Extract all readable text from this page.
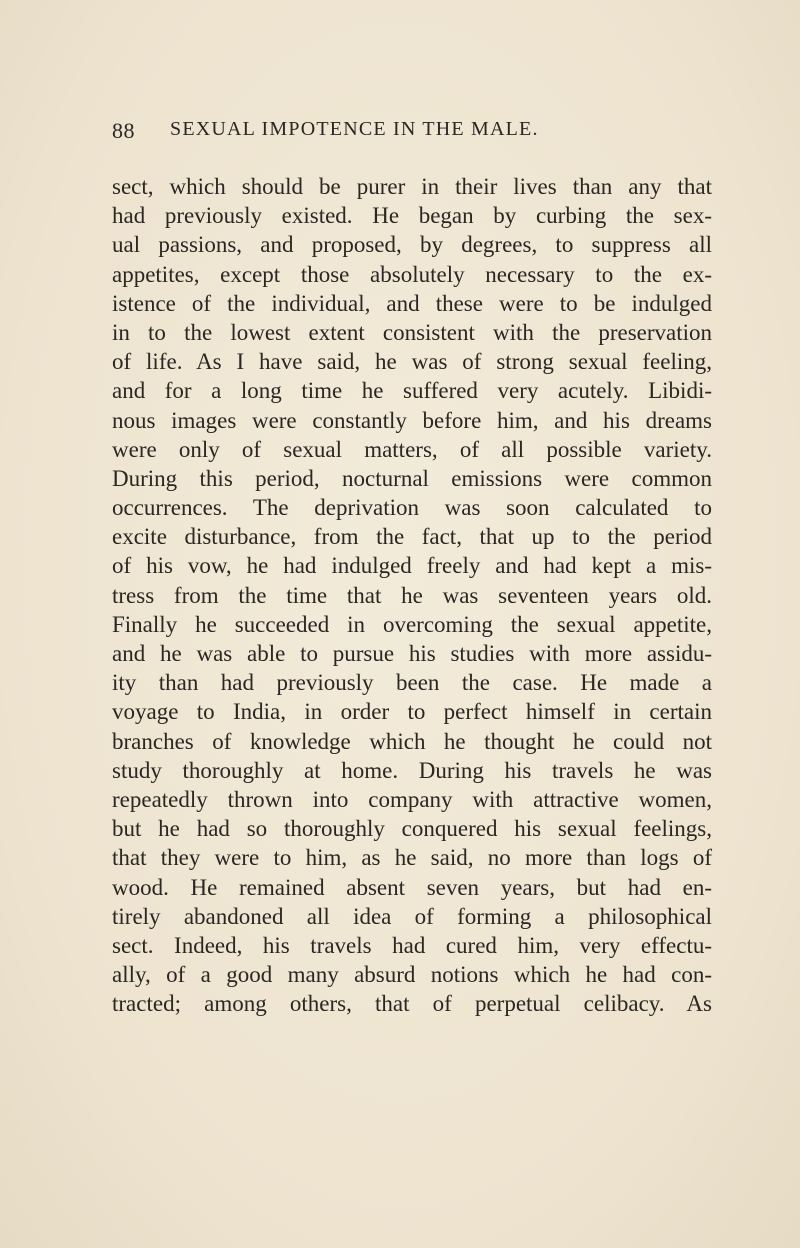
88 SEXUAL IMPOTENCE IN THE MALE.
sect, which should be purer in their lives than any that
had previously existed. He began by curbing the sex-
ual passions, and proposed, by degrees, to suppress all
appetites, except those absolutely necessary to the ex-
istence of the individual, and these were to be indulged
in to the lowest extent consistent with the preservation
of life. As I have said, he was of strong sexual feeling,
and for a long time he suffered very acutely. Libidi-
nous images were constantly before him, and his dreams
were only of sexual matters, of all possible variety.
During this period, nocturnal emissions were common
occurrences. The deprivation was soon calculated to
excite disturbance, from the fact, that up to the period
of his vow, he had indulged freely and had kept a mis-
tress from the time that he was seventeen years old.
Finally he succeeded in overcoming the sexual appetite,
and he was able to pursue his studies with more assidu-
ity than had previously been the case. He made a
voyage to India, in order to perfect himself in certain
branches of knowledge which he thought he could not
study thoroughly at home. During his travels he was
repeatedly thrown into company with attractive women,
but he had so thoroughly conquered his sexual feelings,
that they were to him, as he said, no more than logs of
wood. He remained absent seven years, but had en-
tirely abandoned all idea of forming a philosophical
sect. Indeed, his travels had cured him, very effectu-
ally, of a good many absurd notions which he had con-
tracted; among others, that of perpetual celibacy. As
